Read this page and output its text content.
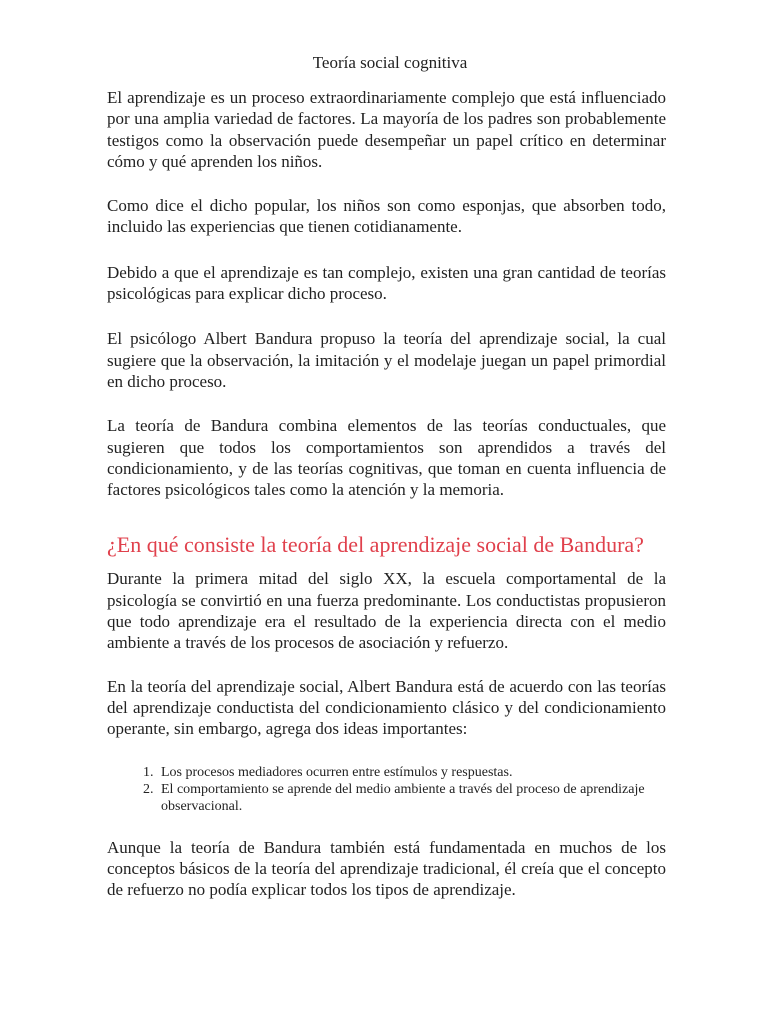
Teoría social cognitiva

El aprendizaje es un proceso extraordinariamente complejo que está influenciado por una amplia variedad de factores. La mayoría de los padres son probablemente testigos como la observación puede desempeñar un papel crítico en determinar cómo y qué aprenden los niños.

Como dice el dicho popular, los niños son como esponjas, que absorben todo, incluido las experiencias que tienen cotidianamente.

Debido a que el aprendizaje es tan complejo, existen una gran cantidad de teorías psicológicas para explicar dicho proceso.

El psicólogo Albert Bandura propuso la teoría del aprendizaje social, la cual sugiere que la observación, la imitación y el modelaje juegan un papel primordial en dicho proceso.

La teoría de Bandura combina elementos de las teorías conductuales, que sugieren que todos los comportamientos son aprendidos a través del condicionamiento, y de las teorías cognitivas, que toman en cuenta influencia de factores psicológicos tales como la atención y la memoria.

¿En qué consiste la teoría del aprendizaje social de Bandura?

Durante la primera mitad del siglo XX, la escuela comportamental de la psicología se convirtió en una fuerza predominante. Los conductistas propusieron que todo aprendizaje era el resultado de la experiencia directa con el medio ambiente a través de los procesos de asociación y refuerzo.

En la teoría del aprendizaje social, Albert Bandura está de acuerdo con las teorías del aprendizaje conductista del condicionamiento clásico y del condicionamiento operante, sin embargo, agrega dos ideas importantes:

1. Los procesos mediadores ocurren entre estímulos y respuestas.
2. El comportamiento se aprende del medio ambiente a través del proceso de aprendizaje observacional.

Aunque la teoría de Bandura también está fundamentada en muchos de los conceptos básicos de la teoría del aprendizaje tradicional, él creía que el concepto de refuerzo no podía explicar todos los tipos de aprendizaje.
